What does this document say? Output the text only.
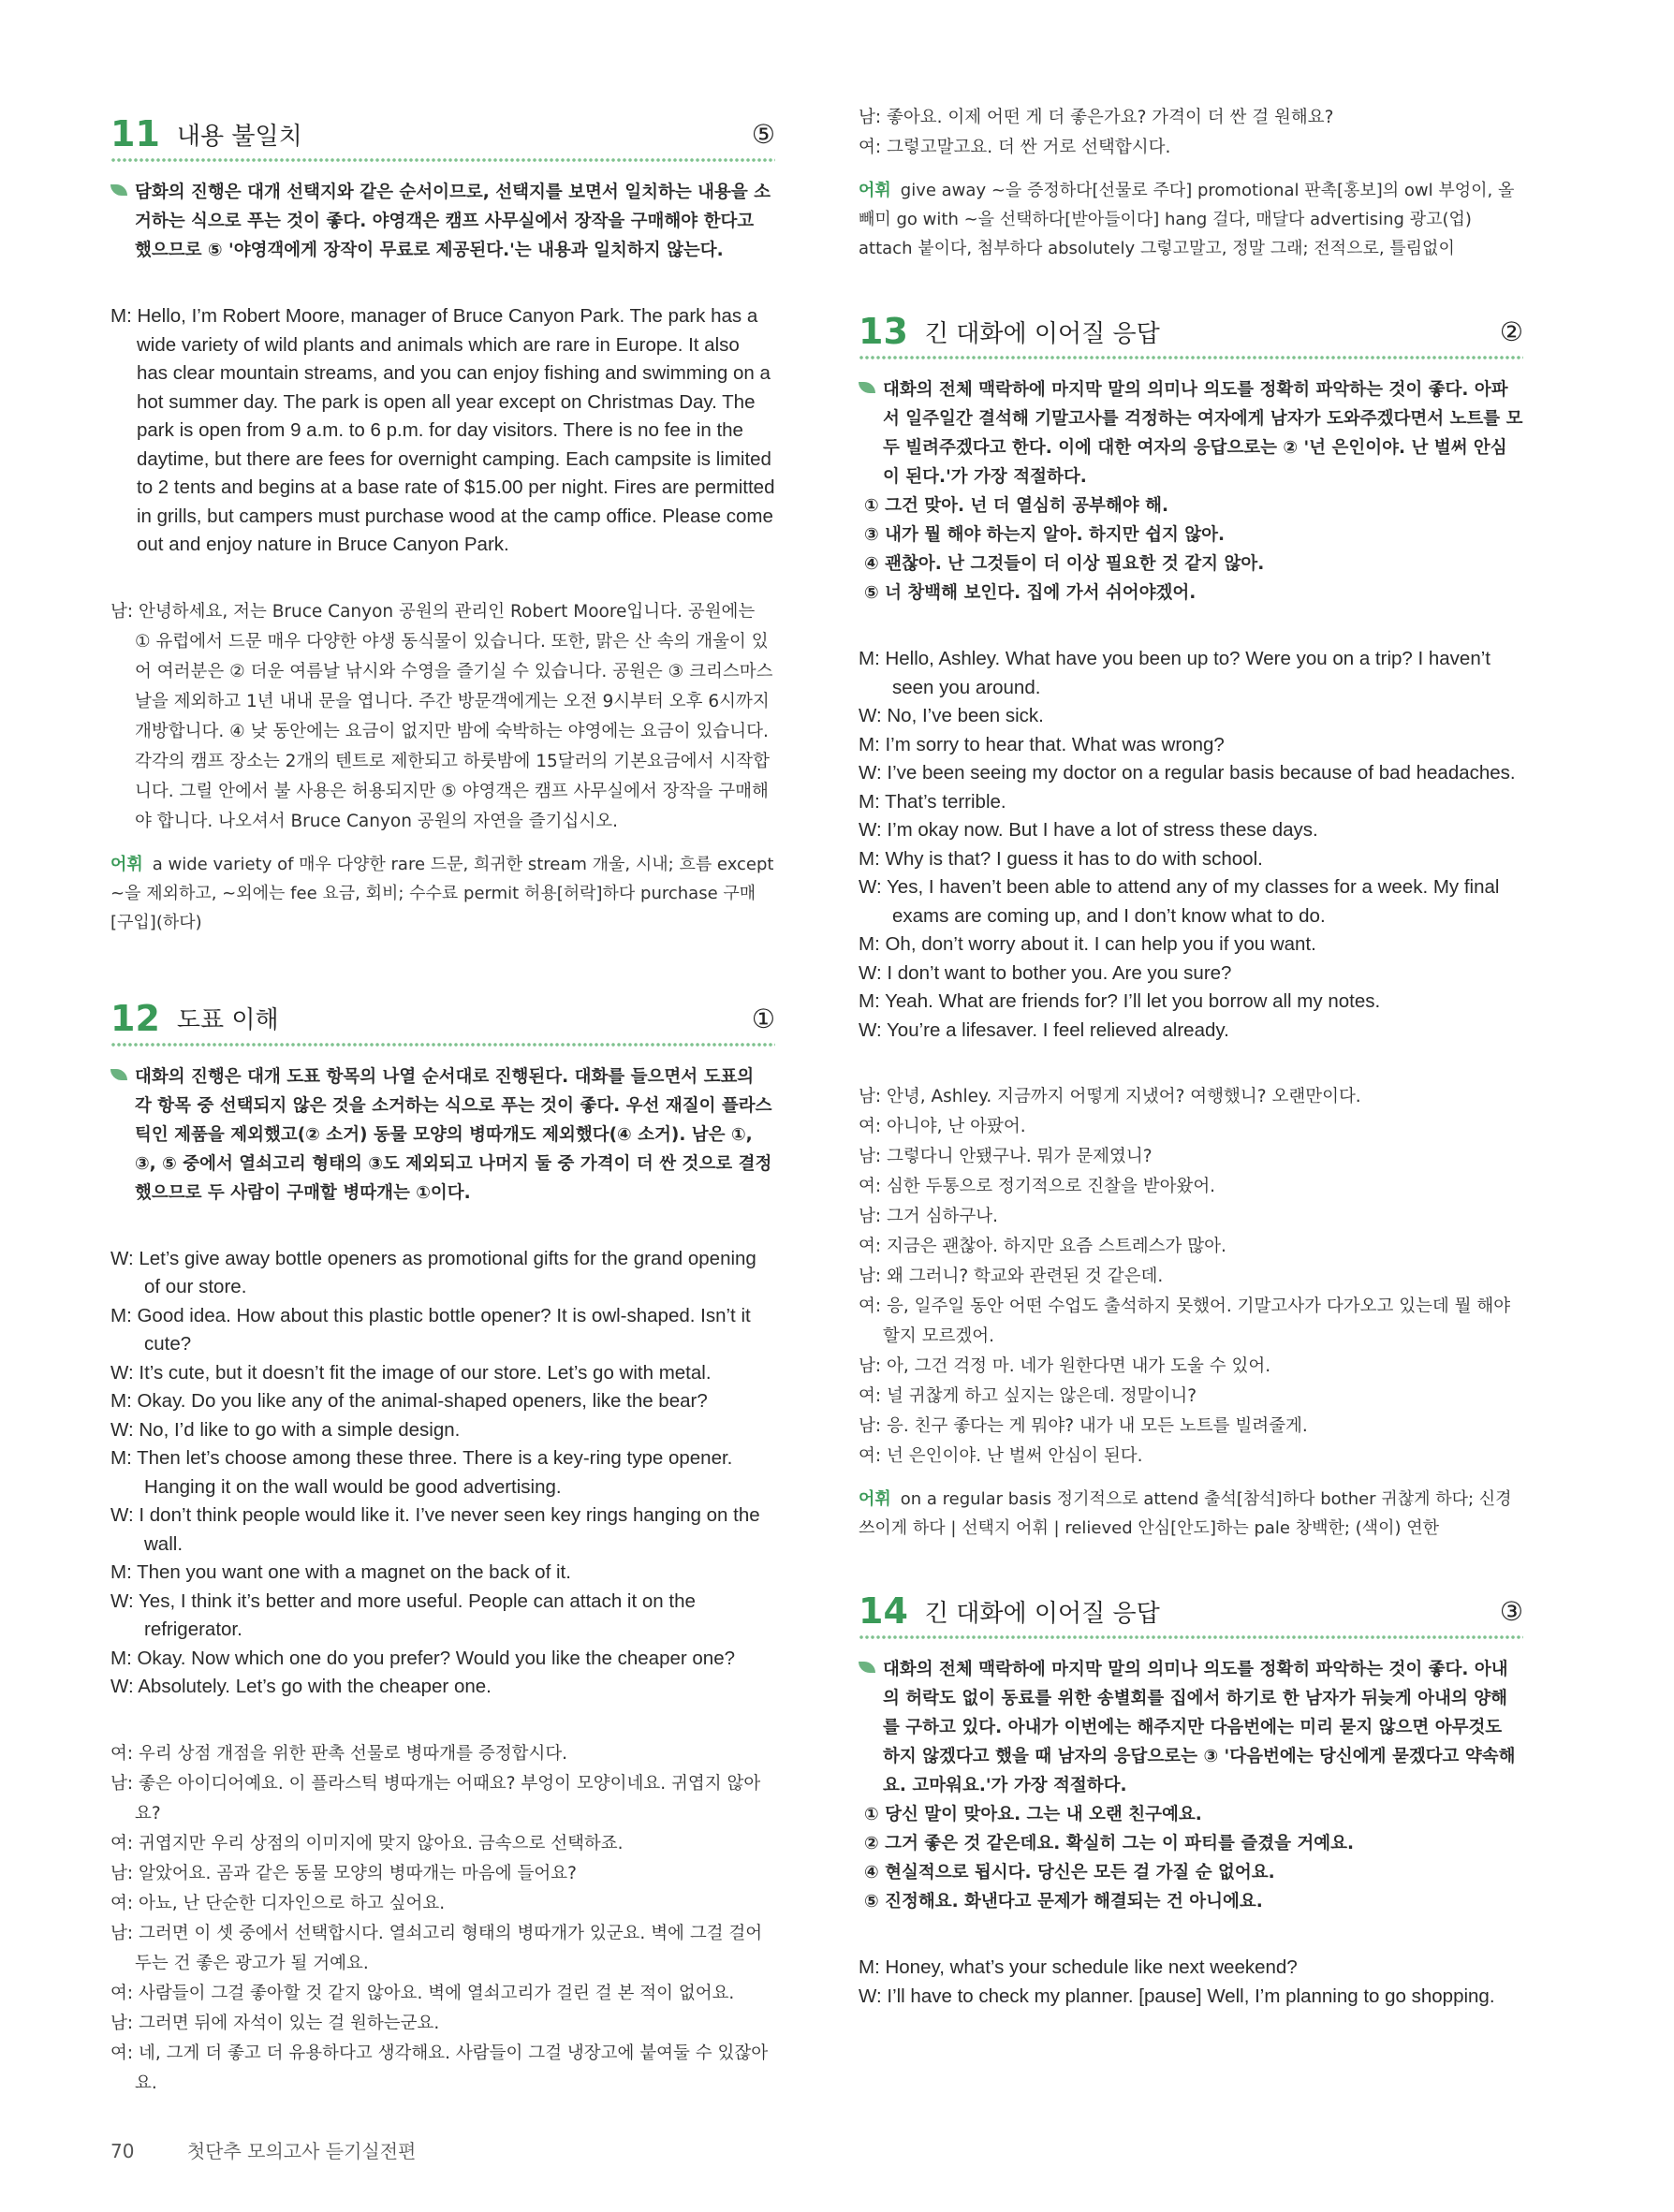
11 내용 불일치	⑤
담화의 진행은 대개 선택지와 같은 순서이므로, 선택지를 보면서 일치하는 내용을 소거하는 식으로 푸는 것이 좋다. 야영객은 캠프 사무실에서 장작을 구매해야 한다고 했으므로 ⑤ '야영객에게 장작이 무료로 제공된다.'는 내용과 일치하지 않는다.

M: Hello, I’m Robert Moore, manager of Bruce Canyon Park. The park has a wide variety of wild plants and animals which are rare in Europe. It also has clear mountain streams, and you can enjoy fishing and swimming on a hot summer day. The park is open all year except on Christmas Day. The park is open from 9 a.m. to 6 p.m. for day visitors. There is no fee in the daytime, but there are fees for overnight camping. Each campsite is limited to 2 tents and begins at a base rate of $15.00 per night. Fires are permitted in grills, but campers must purchase wood at the camp office. Please come out and enjoy nature in Bruce Canyon Park.

남: 안녕하세요, 저는 Bruce Canyon 공원의 관리인 Robert Moore입니다. 공원에는 ① 유럽에서 드문 매우 다양한 야생 동식물이 있습니다. 또한, 맑은 산 속의 개울이 있어 여러분은 ② 더운 여름날 낚시와 수영을 즐기실 수 있습니다. 공원은 ③ 크리스마스날을 제외하고 1년 내내 문을 엽니다. 주간 방문객에게는 오전 9시부터 오후 6시까지 개방합니다. ④ 낮 동안에는 요금이 없지만 밤에 숙박하는 야영에는 요금이 있습니다. 각각의 캠프 장소는 2개의 텐트로 제한되고 하룻밤에 15달러의 기본요금에서 시작합니다. 그릴 안에서 불 사용은 허용되지만 ⑤ 야영객은 캠프 사무실에서 장작을 구매해야 합니다. 나오셔서 Bruce Canyon 공원의 자연을 즐기십시오.

어휘 a wide variety of 매우 다양한 rare 드문, 희귀한 stream 개울, 시내; 흐름 except ~을 제외하고, ~외에는 fee 요금, 회비; 수수료 permit 허용[허락]하다 purchase 구매[구입](하다)
12 도표 이해	①
대화의 진행은 대개 도표 항목의 나열 순서대로 진행된다. 대화를 들으면서 도표의 각 항목 중 선택되지 않은 것을 소거하는 식으로 푸는 것이 좋다. 우선 재질이 플라스틱인 제품을 제외했고(② 소거) 동물 모양의 병따개도 제외했다(④ 소거). 남은 ①, ③, ⑤ 중에서 열쇠고리 형태의 ③도 제외되고 나머지 둘 중 가격이 더 싼 것으로 결정했으므로 두 사람이 구매할 병따개는 ①이다.

W: Let’s give away bottle openers as promotional gifts for the grand opening of our store.

M: Good idea. How about this plastic bottle opener? It is owl-shaped. Isn’t it cute?

W: It’s cute, but it doesn’t fit the image of our store. Let’s go with metal.

M: Okay. Do you like any of the animal-shaped openers, like the bear?

W: No, I’d like to go with a simple design.

M: Then let’s choose among these three. There is a key-ring type opener. Hanging it on the wall would be good advertising.

W: I don’t think people would like it. I’ve never seen key rings hanging on the wall.

M: Then you want one with a magnet on the back of it.

W: Yes, I think it’s better and more useful. People can attach it on the refrigerator.

M: Okay. Now which one do you prefer? Would you like the cheaper one?

W: Absolutely. Let’s go with the cheaper one.

여: 우리 상점 개점을 위한 판촉 선물로 병따개를 증정합시다.

남: 좋은 아이디어예요. 이 플라스틱 병따개는 어때요? 부엉이 모양이네요. 귀엽지 않아요?

여: 귀엽지만 우리 상점의 이미지에 맞지 않아요. 금속으로 선택하죠.

남: 알았어요. 곰과 같은 동물 모양의 병따개는 마음에 들어요?

여: 아뇨, 난 단순한 디자인으로 하고 싶어요.

남: 그러면 이 셋 중에서 선택합시다. 열쇠고리 형태의 병따개가 있군요. 벽에 그걸 걸어 두는 건 좋은 광고가 될 거예요.

여: 사람들이 그걸 좋아할 것 같지 않아요. 벽에 열쇠고리가 걸린 걸 본 적이 없어요.

남: 그러면 뒤에 자석이 있는 걸 원하는군요.

여: 네, 그게 더 좋고 더 유용하다고 생각해요. 사람들이 그걸 냉장고에 붙여둘 수 있잖아요.

남: 좋아요. 이제 어떤 게 더 좋은가요? 가격이 더 싼 걸 원해요?

여: 그렇고말고요. 더 싼 거로 선택합시다.

어휘 give away ~을 증정하다[선물로 주다] promotional 판촉[홍보]의 owl 부엉이, 올빼미 go with ~을 선택하다[받아들이다] hang 걸다, 매달다 advertising 광고(업) attach 붙이다, 첨부하다 absolutely 그렇고말고, 정말 그래; 전적으로, 틀림없이
13 긴 대화에 이어질 응답	②
대화의 전체 맥락하에 마지막 말의 의미나 의도를 정확히 파악하는 것이 좋다. 아파서 일주일간 결석해 기말고사를 걱정하는 여자에게 남자가 도와주겠다면서 노트를 모두 빌려주겠다고 한다. 이에 대한 여자의 응답으로는 ② '넌 은인이야. 난 벌써 안심이 된다.'가 가장 적절하다.
① 그건 맞아. 넌 더 열심히 공부해야 해.
③ 내가 뭘 해야 하는지 알아. 하지만 쉽지 않아.
④ 괜찮아. 난 그것들이 더 이상 필요한 것 같지 않아.
⑤ 너 창백해 보인다. 집에 가서 쉬어야겠어.

M: Hello, Ashley. What have you been up to? Were you on a trip? I haven’t seen you around.

W: No, I’ve been sick.

M: I’m sorry to hear that. What was wrong?

W: I’ve been seeing my doctor on a regular basis because of bad headaches.

M: That’s terrible.

W: I’m okay now. But I have a lot of stress these days.

M: Why is that? I guess it has to do with school.

W: Yes, I haven’t been able to attend any of my classes for a week. My final exams are coming up, and I don’t know what to do.

M: Oh, don’t worry about it. I can help you if you want.

W: I don’t want to bother you. Are you sure?

M: Yeah. What are friends for? I’ll let you borrow all my notes.

W: You’re a lifesaver. I feel relieved already.

남: 안녕, Ashley. 지금까지 어떻게 지냈어? 여행했니? 오랜만이다.

여: 아니야, 난 아팠어.

남: 그렇다니 안됐구나. 뭐가 문제였니?

여: 심한 두통으로 정기적으로 진찰을 받아왔어.

남: 그거 심하구나.

여: 지금은 괜찮아. 하지만 요즘 스트레스가 많아.

남: 왜 그러니? 학교와 관련된 것 같은데.

여: 응, 일주일 동안 어떤 수업도 출석하지 못했어. 기말고사가 다가오고 있는데 뭘 해야 할지 모르겠어.

남: 아, 그건 걱정 마. 네가 원한다면 내가 도울 수 있어.

여: 널 귀찮게 하고 싶지는 않은데. 정말이니?

남: 응. 친구 좋다는 게 뭐야? 내가 내 모든 노트를 빌려줄게.

여: 넌 은인이야. 난 벌써 안심이 된다.

어휘 on a regular basis 정기적으로 attend 출석[참석]하다 bother 귀찮게 하다; 신경 쓰이게 하다 | 선택지 어휘 | relieved 안심[안도]하는 pale 창백한; (색이) 연한
14 긴 대화에 이어질 응답	③
대화의 전체 맥락하에 마지막 말의 의미나 의도를 정확히 파악하는 것이 좋다. 아내의 허락도 없이 동료를 위한 송별회를 집에서 하기로 한 남자가 뒤늦게 아내의 양해를 구하고 있다. 아내가 이번에는 해주지만 다음번에는 미리 묻지 않으면 아무것도 하지 않겠다고 했을 때 남자의 응답으로는 ③ '다음번에는 당신에게 묻겠다고 약속해요. 고마워요.'가 가장 적절하다.
① 당신 말이 맞아요. 그는 내 오랜 친구예요.
② 그거 좋은 것 같은데요. 확실히 그는 이 파티를 즐겼을 거예요.
④ 현실적으로 됩시다. 당신은 모든 걸 가질 순 없어요.
⑤ 진정해요. 화낸다고 문제가 해결되는 건 아니에요.

M: Honey, what’s your schedule like next weekend?

W: I’ll have to check my planner. [pause] Well, I’m planning to go shopping.

70	첫단추 모의고사 듣기실전편
